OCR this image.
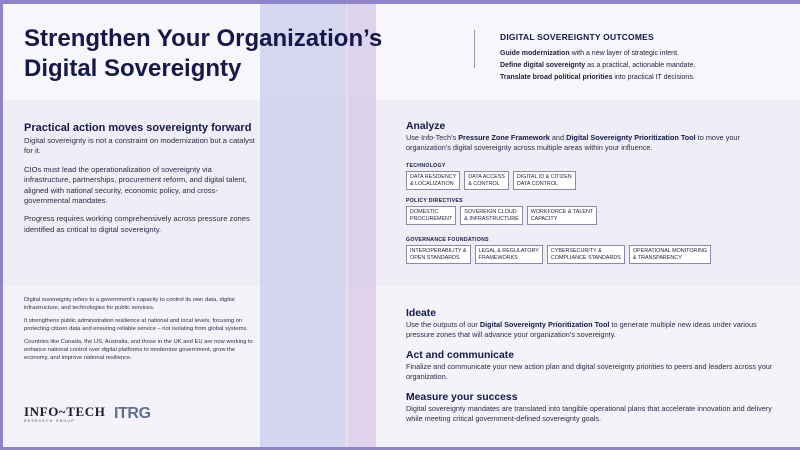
Strengthen Your Organization’s
Digital Sovereignty
DIGITAL SOVEREIGNTY OUTCOMES
Guide modernization with a new layer of strategic intent.
Define digital sovereignty as a practical, actionable mandate.
Translate broad political priorities into practical IT decisions.
Practical action moves sovereignty forward
Digital sovereignty is not a constraint on modernization but a catalyst for it.
CIOs must lead the operationalization of sovereignty via infrastructure, partnerships, procurement reform, and digital talent, aligned with national security, economic policy, and cross-governmental mandates.
Progress requires working comprehensively across pressure zones identified as critical to digital sovereignty.
Digital sovereignty refers to a government’s capacity to control its own data, digital infrastructure, and technologies for public services.
It strengthens public administration resilience at national and local levels, focusing on protecting citizen data and ensuring reliable service – not isolating from global systems.
Countries like Canada, the US, Australia, and those in the UK and EU are now working to enhance national control over digital platforms to modernize government, grow the economy, and improve national resilience.
INFO~TECH
RESEARCH GROUP	ITRG
Analyze
Use Info-Tech’s Pressure Zone Framework and Digital Sovereignty Prioritization Tool to move your organization’s digital sovereignty across multiple areas within your influence.
TECHNOLOGY
DATA RESIDENCY
& LOCALIZATION
DATA ACCESS
& CONTROL
DIGITAL ID & CITIZEN
DATA CONTROL
POLICY DIRECTIVES
DOMESTIC
PROCUREMENT
SOVEREIGN CLOUD
& INFRASTRUCTURE
WORKFORCE & TALENT
CAPACITY
GOVERNANCE FOUNDATIONS
INTEROPERABILITY &
OPEN STANDARDS
LEGAL & REGULATORY
FRAMEWORKS
CYBERSECURITY &
COMPLIANCE STANDARDS
OPERATIONAL MONITORING
& TRANSPARENCY
Ideate
Use the outputs of our Digital Sovereignty Prioritization Tool to generate multiple new ideas under various pressure zones that will advance your organization’s sovereignty.
Act and communicate
Finalize and communicate your new action plan and digital sovereignty priorities to peers and leaders across your organization.
Measure your success
Digital sovereignty mandates are translated into tangible operational plans that accelerate innovation and delivery while meeting critical government-defined sovereignty goals.
